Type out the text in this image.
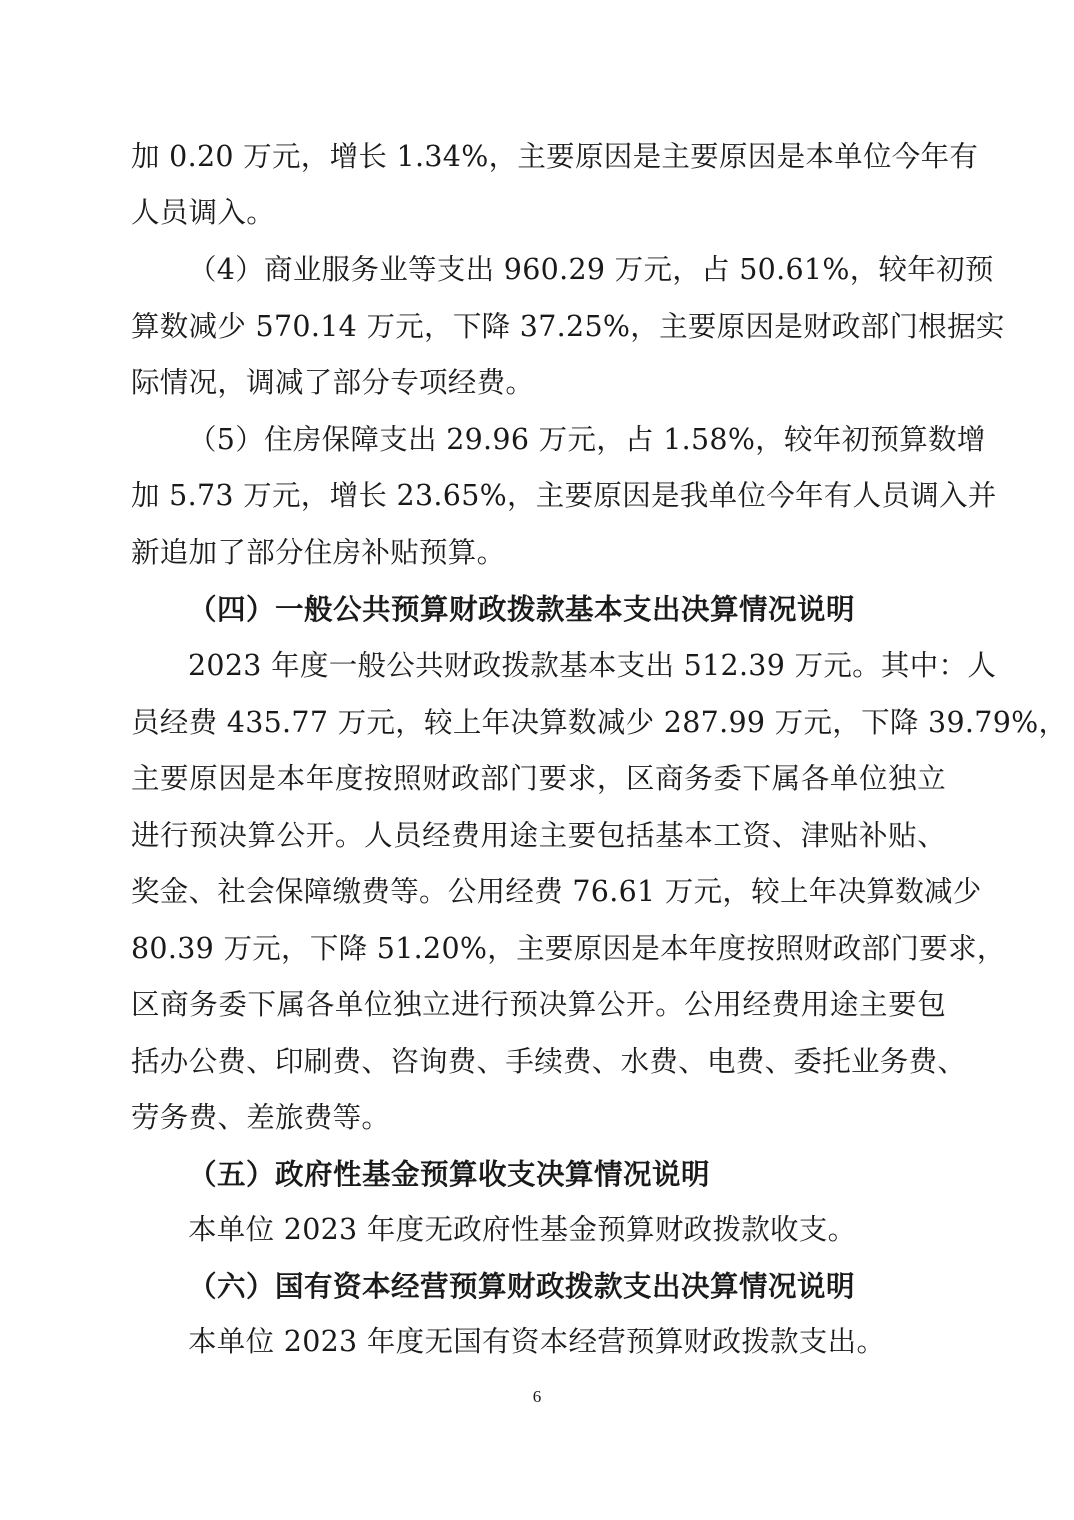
加 0.20 万元，增长 1.34%，主要原因是主要原因是本单位今年有
人员调入。
（4）商业服务业等支出 960.29 万元，占 50.61%，较年初预
算数减少 570.14 万元，下降 37.25%，主要原因是财政部门根据实
际情况，调减了部分专项经费。
（5）住房保障支出 29.96 万元，占 1.58%，较年初预算数增
加 5.73 万元，增长 23.65%，主要原因是我单位今年有人员调入并
新追加了部分住房补贴预算。
（四）一般公共预算财政拨款基本支出决算情况说明
2023 年度一般公共财政拨款基本支出 512.39 万元。其中：人
员经费 435.77 万元，较上年决算数减少 287.99 万元，下降 39.79%，
主要原因是本年度按照财政部门要求，区商务委下属各单位独立
进行预决算公开。人员经费用途主要包括基本工资、津贴补贴、
奖金、社会保障缴费等。公用经费 76.61 万元，较上年决算数减少
80.39 万元，下降 51.20%，主要原因是本年度按照财政部门要求，
区商务委下属各单位独立进行预决算公开。公用经费用途主要包
括办公费、印刷费、咨询费、手续费、水费、电费、委托业务费、
劳务费、差旅费等。
（五）政府性基金预算收支决算情况说明
本单位 2023 年度无政府性基金预算财政拨款收支。
（六）国有资本经营预算财政拨款支出决算情况说明
本单位 2023 年度无国有资本经营预算财政拨款支出。
6
